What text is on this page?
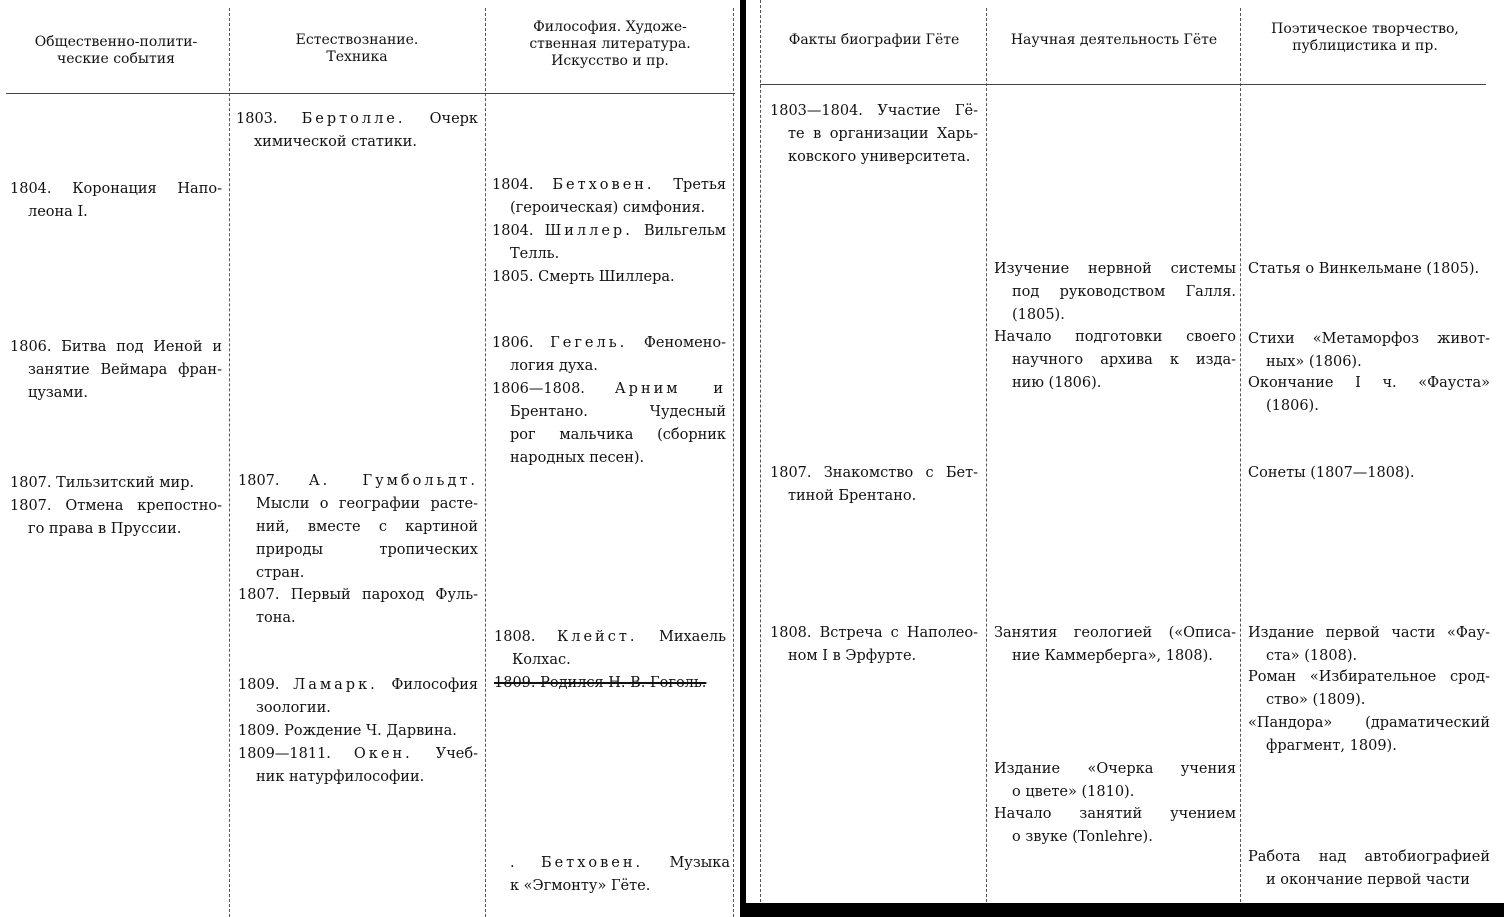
Общественно-полити-
ческие события
Естествознание.
Техника
Философия. Художе-
ственная литература.
Искусство и пр.
1804. Коронация Напо-
леона I.
1806. Битва под Иеной и
занятие Веймара фран-
цузами.
1807. Тильзитский мир.
1807. Отмена крепостно-
го права в Пруссии.
1803. Бертолле. Очерк
химической статики.
1807. А. Гумбольдт.
Мысли о географии расте-
ний, вместе с картиной
природы тропических
стран.
1807. Первый пароход Фуль-
тона.
1809. Ламарк. Философия
зоологии.
1809. Рождение Ч. Дарвина.
1809—1811. Окен. Учеб-
ник натурфилософии.
1804. Бетховен. Третья
(героическая) симфония.
1804. Шиллер. Вильгельм
Телль.
1805. Смерть Шиллера.
1806. Гегель. Феномено-
логия духа.
1806—1808. Арним и
Брентано. Чудесный
рог мальчика (сборник
народных песен).
1808. Клейст. Михаель
Колхас.
1809. Родился Н. В. Гоголь.
. Бетховен. Музыка
к «Эгмонту» Гёте.
Факты биографии Гёте	Научная деятельность Гёте
Поэтическое творчество,
публицистика и пр.
1803—1804. Участие Гё-
те в организации Харь-
ковского университета.
1807. Знакомство с Бет-
тиной Брентано.
1808. Встреча с Наполео-
ном I в Эрфурте.
Изучение нервной системы
под руководством Галля.
(1805).
Начало подготовки своего
научного архива к изда-
нию (1806).
Занятия геологией («Описа-
ние Каммерберга», 1808).
Издание «Очерка учения
о цвете» (1810).
Начало занятий учением
о звуке (Tonlehre).
Статья о Винкельмане (1805).
Стихи «Метаморфоз живот-
ных» (1806).
Окончание I ч. «Фауста»
(1806).
Сонеты (1807—1808).
Издание первой части «Фау-
ста» (1808).
Роман «Избирательное срод-
ство» (1809).
«Пандора» (драматический
фрагмент, 1809).
Работа над автобиографией
и окончание первой части
